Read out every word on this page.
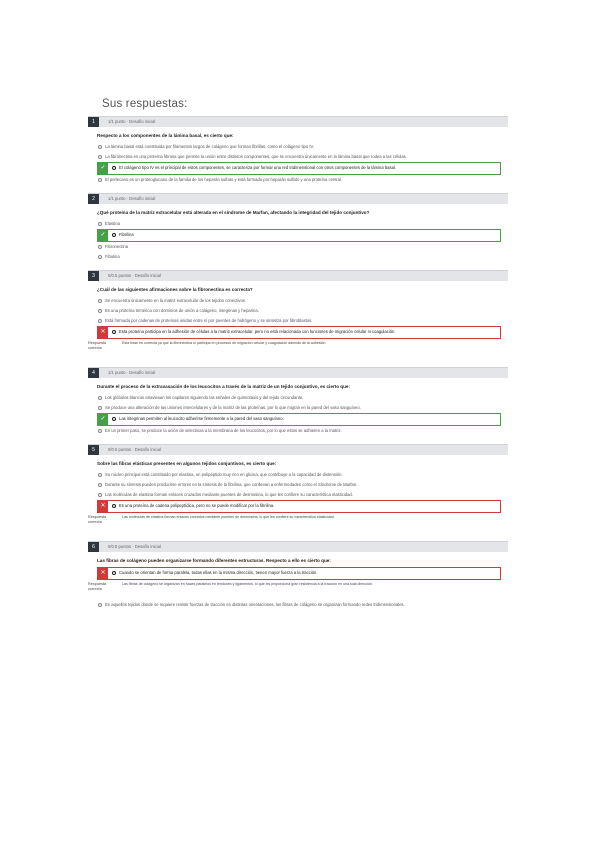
Sus respuestas:
1	1/1 punto · Desafío inicial
Respecto a los componentes de la lámina basal, es cierto que:
La lámina basal está constituida por filamentos largos de colágeno que forman fibrillas, como el colágeno tipo IV.
La fibronectina es una proteína fibrosa que permite la unión entre distintos componentes, que se encuentra únicamente en la lámina basal que rodea a las células.
✓	El colágeno tipo IV es el principal de estos componentes, se caracteriza por formar una red tridimensional con otros componentes de la lámina basal.
El perlecano es un proteoglucano de la familia de los heparán sulfato y está formado por heparán sulfato y una proteína central.
2	1/1 punto · Desafío inicial
¿Qué proteína de la matriz extracelular está alterada en el síndrome de Marfan, afectando la integridad del tejido conjuntivo?
Elastina
✓	Fibrilina
Fibronectina
Fibulina
3	0/0.5 puntos · Desafío inicial
¿Cuál de las siguientes afirmaciones sobre la fibronectina es correcta?
Se encuentra únicamente en la matriz extracelular de los tejidos conectivos.
Es una proteína trimérica con dominios de unión a colágeno, integrinas y heparina.
Está formada por cadenas de proteínas unidas entre sí por puentes de hidrógeno y se sintetiza por fibroblastos.
✕	Esta proteína participa en la adhesión de células a la matriz extracelular, pero no está relacionada con funciones de migración celular ni coagulación.
Respuesta correcta
Esta frase es correcta ya que la fibronectina sí participa en procesos de migración celular y coagulación además de la adhesión.
4	1/1 punto · Desafío inicial
Durante el proceso de la extravasación de los leucocitos a través de la matriz de un tejido conjuntivo, es cierto que:
Los glóbulos blancos atraviesan los capilares siguiendo las señales de quimiotaxis y del tejido circundante.
Se produce una alteración de las uniones intercelulares y de la matriz de las proteínas, por lo que migran en la pared del vaso sanguíneo.
✓	Las integrinas permiten al leucocito adherirse firmemente a la pared del vaso sanguíneo.
En un primer paso, se produce la unión de selectinas a la membrana de los leucocitos, por lo que estos se adhieren a la matriz.
5	0/0.5 puntos · Desafío inicial
Sobre las fibras elásticas presentes en algunos tejidos conjuntivos, es cierto que:
Su núcleo principal está constituido por elastina, un polipéptido muy rico en glicina, que contribuye a la capacidad de distensión.
Durante su síntesis pueden producirse errores en la síntesis de la fibrilina, que conllevan a enfermedades como el Síndrome de Marfan.
Las moléculas de elastina forman enlaces cruzados mediante puentes de desmosina, lo que les confiere su característica elasticidad.
✕	Es una proteína de cadena polipeptídica, pero no se puede modificar por la fibrilina.
Respuesta correcta
Las moléculas de elastina forman enlaces cruzados mediante puentes de desmosina, lo que les confiere su característica elasticidad.
6	0/0.5 puntos · Desafío inicial
Las fibras de colágeno pueden organizarse formando diferentes estructuras. Respecto a ello es cierto que:
✕	Cuando se orientan de forma paralela, todas ellas en la misma dirección, tienen mayor fuerza a la tracción.
Respuesta correcta
Las fibras de colágeno se organizan en haces paralelos en tendones y ligamentos, lo que les proporciona gran resistencia a la tracción en una sola dirección.
En aquellos tejidos donde se requiere resistir fuerzas de tracción en distintas orientaciones, las fibras de colágeno se organizan formando redes tridimensionales.
